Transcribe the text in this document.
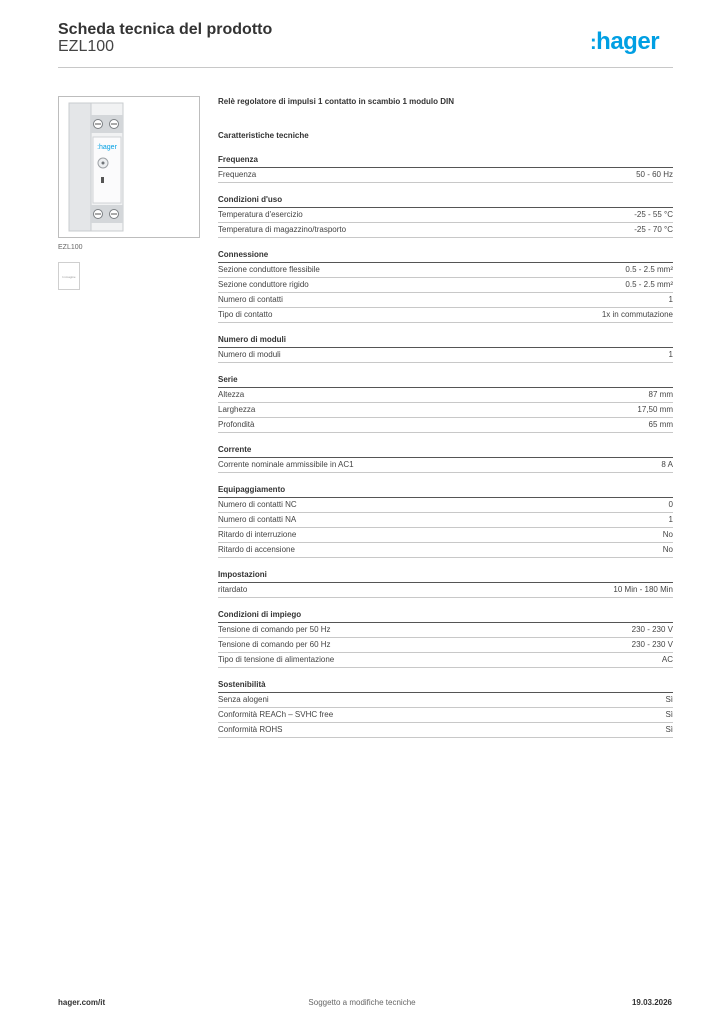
Scheda tecnica del prodotto
EZL100	:hager
:hager
EZL100
Immagine
Relè regolatore di impulsi 1 contatto in scambio 1 modulo DIN
Caratteristiche tecniche
Frequenza
Frequenza	50 - 60 Hz
Condizioni d'uso
Temperatura d'esercizio	-25 - 55 °C
Temperatura di magazzino/trasporto	-25 - 70 °C
Connessione
Sezione conduttore flessibile	0.5 - 2.5 mm²
Sezione conduttore rigido	0.5 - 2.5 mm²
Numero di contatti	1
Tipo di contatto	1x in commutazione
Numero di moduli
Numero di moduli	1
Serie
Altezza	87 mm
Larghezza	17,50 mm
Profondità	65 mm
Corrente
Corrente nominale ammissibile in AC1	8 A
Equipaggiamento
Numero di contatti NC	0
Numero di contatti NA	1
Ritardo di interruzione	No
Ritardo di accensione	No
Impostazioni
ritardato	10 Min - 180 Min
Condizioni di impiego
Tensione di comando per 50 Hz	230 - 230 V
Tensione di comando per 60 Hz	230 - 230 V
Tipo di tensione di alimentazione	AC
Sostenibilità
Senza alogeni	Sì
Conformità REACh – SVHC free	Sì
Conformità ROHS	Sì
hager.com/it	Soggetto a modifiche tecniche	19.03.2026
